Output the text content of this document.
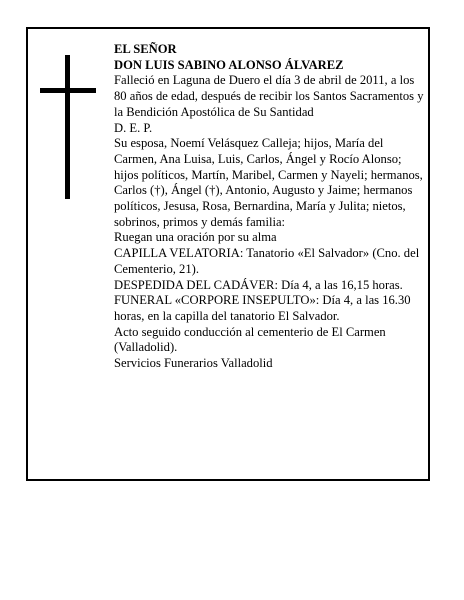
EL SEÑOR

DON LUIS SABINO ALONSO ÁLVAREZ

Falleció en Laguna de Duero el día 3 de abril de 2011, a los 80 años de edad, después de recibir los Santos Sacramentos y la Bendición Apostólica de Su Santidad

D. E. P.

Su esposa, Noemí Velásquez Calleja; hijos, María del Carmen, Ana Luisa, Luis, Carlos, Ángel y Rocío Alonso; hijos políticos, Martín, Maribel, Carmen y Nayeli; hermanos, Carlos (†), Ángel (†), Antonio, Augusto y Jaime; hermanos políticos, Jesusa, Rosa, Bernardina, María y Julita; nietos, sobrinos, primos y demás familia:

Ruegan una oración por su alma

CAPILLA VELATORIA: Tanatorio «El Salvador» (Cno. del Cementerio, 21).

DESPEDIDA DEL CADÁVER: Día 4, a las 16,15 horas.

FUNERAL «CORPORE INSEPULTO»: Día 4, a las 16.30 horas, en la capilla del tanatorio El Salvador.

Acto seguido conducción al cementerio de El Carmen (Valladolid).

Servicios Funerarios Valladolid
